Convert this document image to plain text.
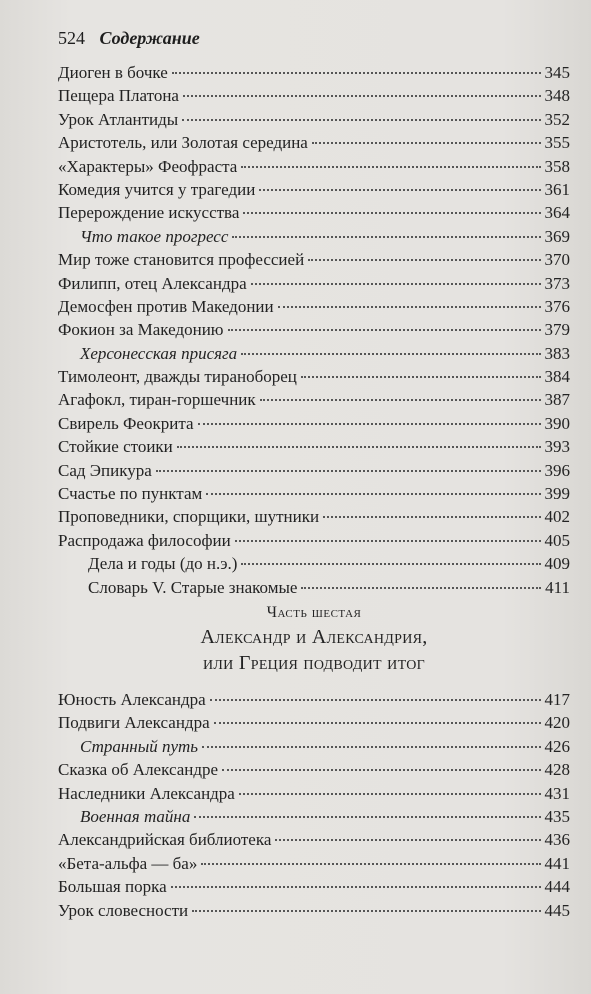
524 Содержание
Диоген в бочке	345
Пещера Платона	348
Урок Атлантиды	352
Аристотель, или Золотая середина	355
«Характеры» Феофраста	358
Комедия учится у трагедии	361
Перерождение искусства	364
Что такое прогресс	369
Мир тоже становится профессией	370
Филипп, отец Александра	373
Демосфен против Македонии	376
Фокион за Македонию	379
Херсонесская присяга	383
Тимолеонт, дважды тираноборец	384
Агафокл, тиран-горшечник	387
Свирель Феокрита	390
Стойкие стоики	393
Сад Эпикура	396
Счастье по пунктам	399
Проповедники, спорщики, шутники	402
Распродажа философии	405
Дела и годы (до н.э.)	409
Словарь V. Старые знакомые	411
Часть шестая
Александр и Александрия,
или Греция подводит итог
Юность Александра	417
Подвиги Александра	420
Странный путь	426
Сказка об Александре	428
Наследники Александра	431
Военная тайна	435
Александрийская библиотека	436
«Бета-альфа — ба»	441
Большая порка	444
Урок словесности	445
